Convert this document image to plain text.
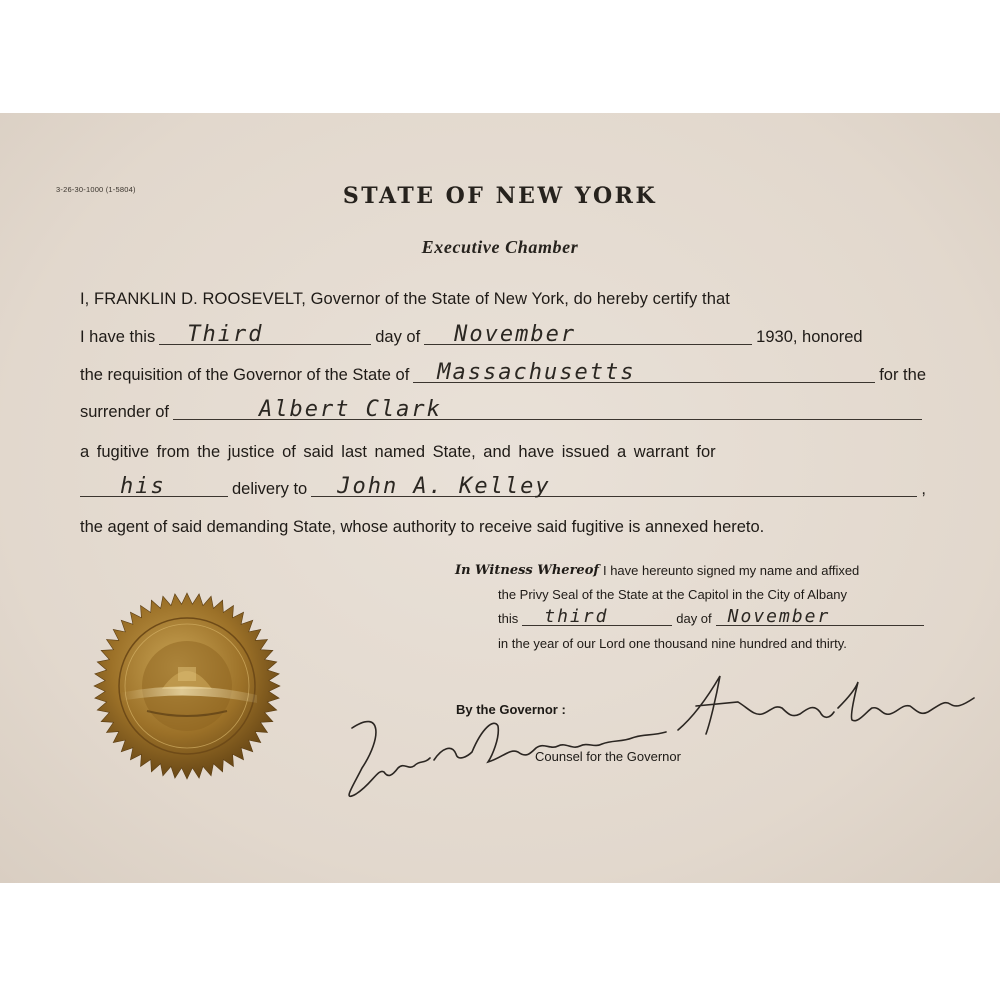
3-26-30-1000 (1-5804)	STATE OF NEW YORK
Executive Chamber
I, FRANKLIN D. ROOSEVELT, Governor of the State of New York, do hereby certify that
I have this Third	day of November	1930, honored
the requisition of the Governor of the State of Massachusetts	for the
surrender of	Albert Clark
a fugitive from the justice of said last named State, and have issued a warrant for
his	delivery to John A. Kelley	,
the agent of said demanding State, whose authority to receive said fugitive is annexed hereto.
In Witness Whereof I have hereunto signed my name and affixed
the Privy Seal of the State at the Capitol in the City of Albany
this third	day of November
in the year of our Lord one thousand nine hundred and thirty.
By the Governor :
Counsel for the Governor
